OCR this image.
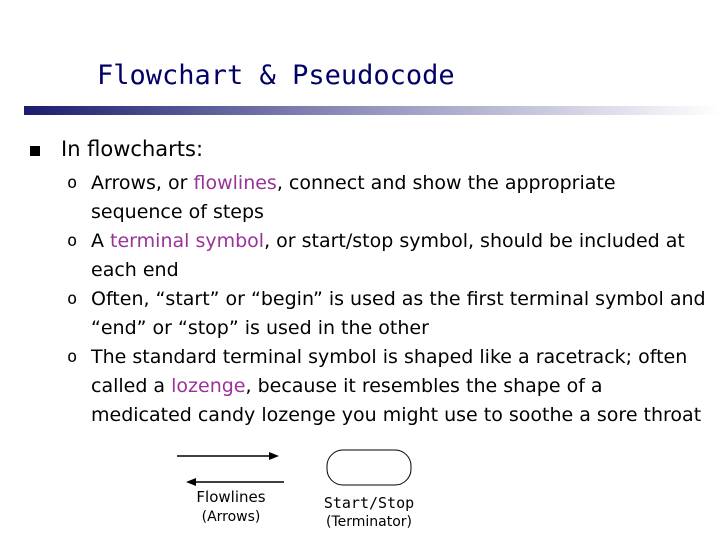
Flowchart & Pseudocode
In flowcharts:
o Arrows, or flowlines, connect and show the appropriate sequence of steps
o A terminal symbol, or start/stop symbol, should be included at each end
o Often, “start” or “begin” is used as the first terminal symbol and “end” or “stop” is used in the other
o The standard terminal symbol is shaped like a racetrack; often called a lozenge, because it resembles the shape of a medicated candy lozenge you might use to soothe a sore throat
Flowlines
(Arrows)
Start/Stop
(Terminator)
